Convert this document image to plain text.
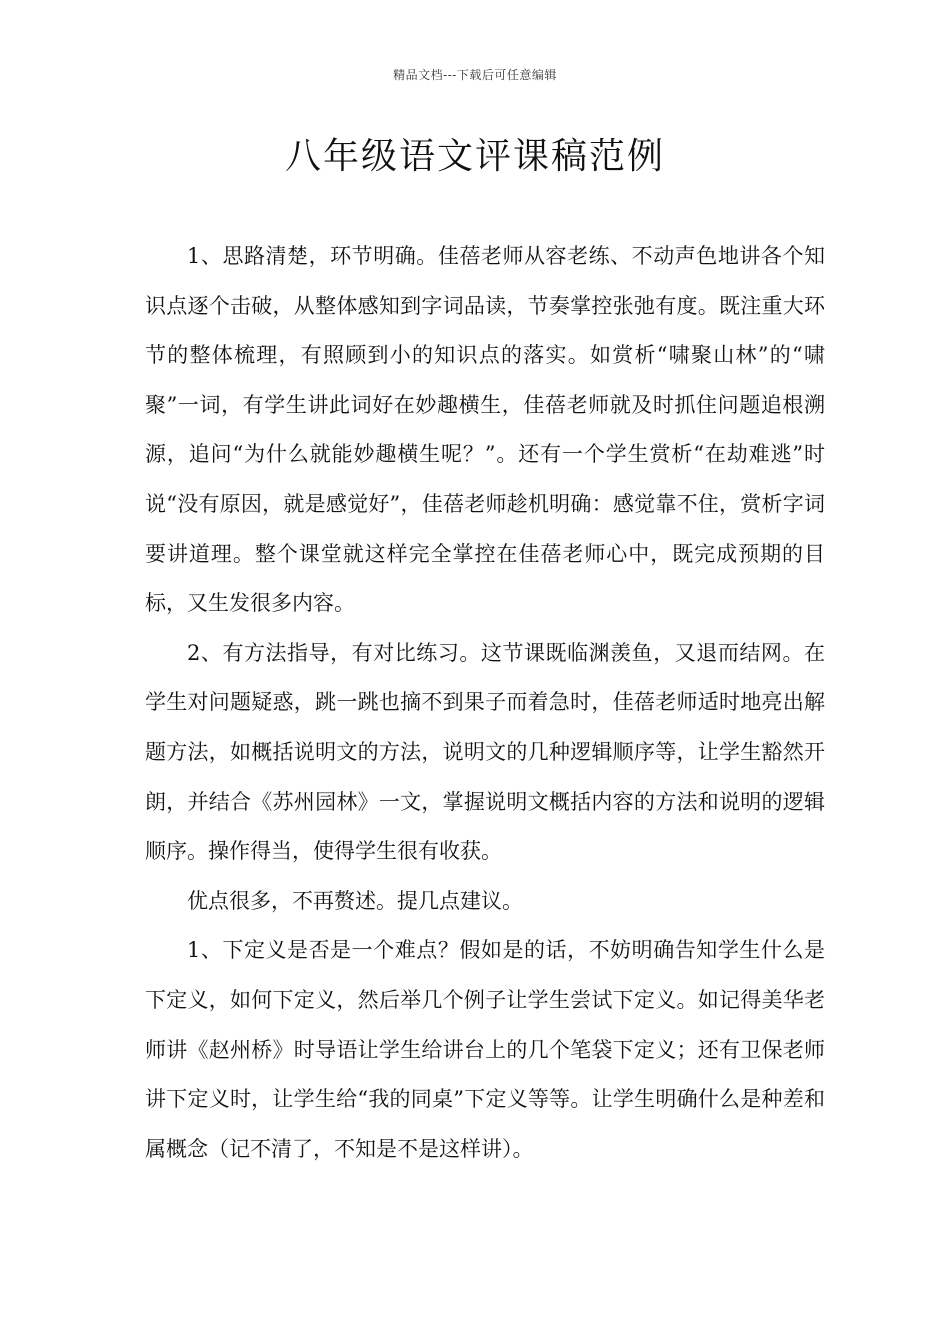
精品文档---下载后可任意编辑
八年级语文评课稿范例

1、思路清楚，环节明确。佳蓓老师从容老练、不动声色地讲各个知识点逐个击破，从整体感知到字词品读，节奏掌控张弛有度。既注重大环节的整体梳理，有照顾到小的知识点的落实。如赏析“啸聚山林”的“啸聚”一词，有学生讲此词好在妙趣横生，佳蓓老师就及时抓住问题追根溯源，追问“为什么就能妙趣横生呢？”。还有一个学生赏析“在劫难逃”时说“没有原因，就是感觉好”，佳蓓老师趁机明确：感觉靠不住，赏析字词要讲道理。整个课堂就这样完全掌控在佳蓓老师心中，既完成预期的目标，又生发很多内容。

2、有方法指导，有对比练习。这节课既临渊羡鱼，又退而结网。在学生对问题疑惑，跳一跳也摘不到果子而着急时，佳蓓老师适时地亮出解题方法，如概括说明文的方法，说明文的几种逻辑顺序等，让学生豁然开朗，并结合《苏州园林》一文，掌握说明文概括内容的方法和说明的逻辑顺序。操作得当，使得学生很有收获。

优点很多，不再赘述。提几点建议。

1、下定义是否是一个难点？假如是的话，不妨明确告知学生什么是下定义，如何下定义，然后举几个例子让学生尝试下定义。如记得美华老师讲《赵州桥》时导语让学生给讲台上的几个笔袋下定义；还有卫保老师讲下定义时，让学生给“我的同桌”下定义等等。让学生明确什么是种差和属概念（记不清了，不知是不是这样讲）。
